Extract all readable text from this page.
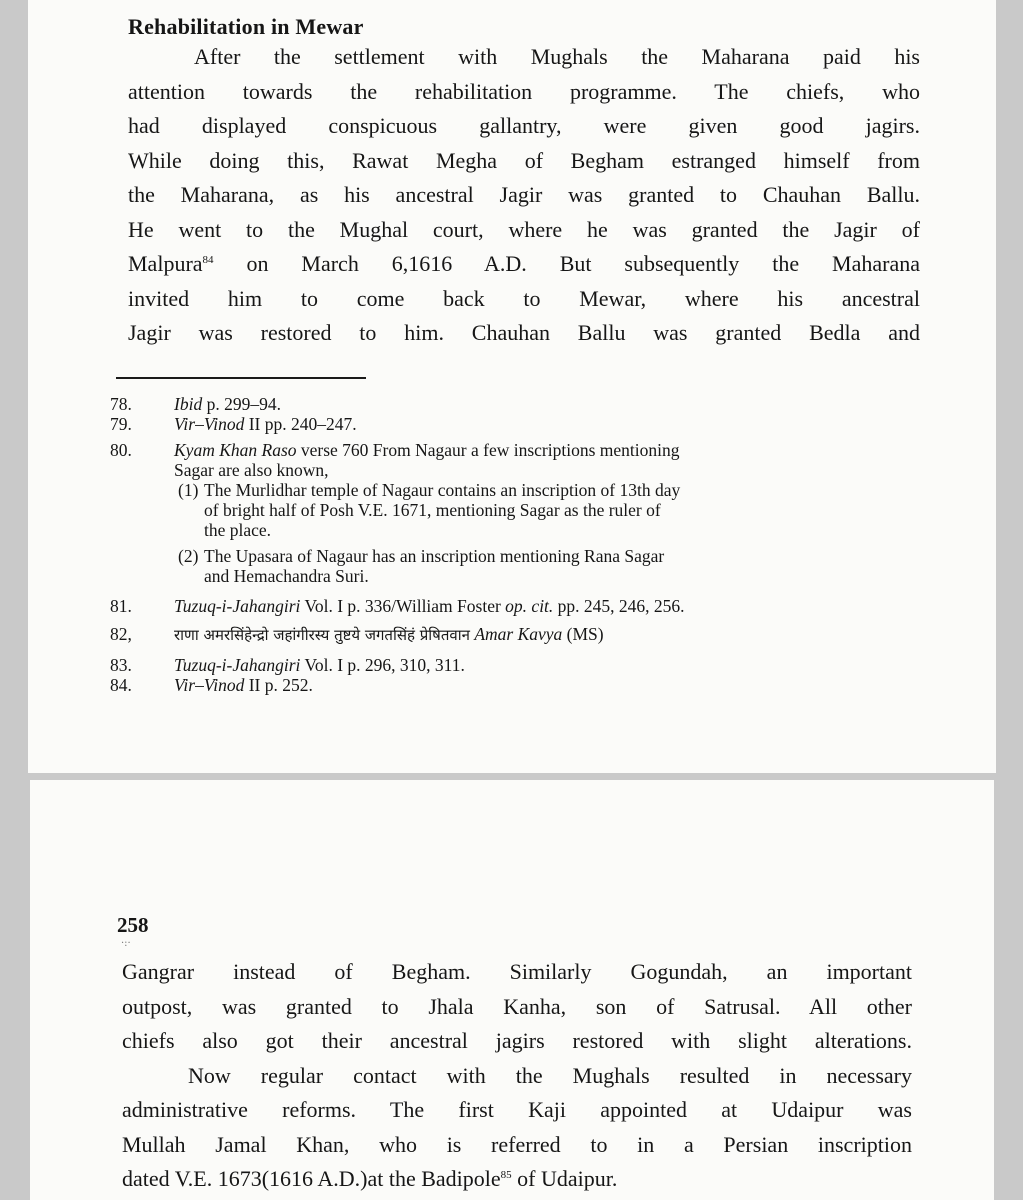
Rehabilitation in Mewar
After the settlement with Mughals the Maharana paid his
attention towards the rehabilitation programme. The chiefs, who
had displayed conspicuous gallantry, were given good jagirs.
While doing this, Rawat Megha of Begham estranged himself from
the Maharana, as his ancestral Jagir was granted to Chauhan Ballu.
He went to the Mughal court, where he was granted the Jagir of
Malpura$^{84}$ on March 6,1616 A.D. But subsequently the Maharana
invited him to come back to Mewar, where his ancestral
Jagir was restored to him. Chauhan Ballu was granted Bedla and
78. Ibid p. 299–94.
79. Vir–Vinod II pp. 240–247.
80. Kyam Khan Raso verse 760 From Nagaur a few inscriptions mentioning
Sagar are also known,
(1) The Murlidhar temple of Nagaur contains an inscription of 13th day
of bright half of Posh V.E. 1671, mentioning Sagar as the ruler of
the place.
(2) The Upasara of Nagaur has an inscription mentioning Rana Sagar
and Hemachandra Suri.
81. Tuzuq-i-Jahangiri Vol. I p. 336/William Foster op. cit. pp. 245, 246, 256.
82,	राणा अमरसिंहेन्द्रो जहांगीरस्य तुष्टये जगतसिंहं प्रेषितवान Amar Kavya (MS)
83. Tuzuq-i-Jahangiri Vol. I p. 296, 310, 311.
84. Vir–Vinod II p. 252.
258
·:·
Gangrar instead of Begham. Similarly Gogundah, an important
outpost, was granted to Jhala Kanha, son of Satrusal. All other
chiefs also got their ancestral jagirs restored with slight alterations.
Now regular contact with the Mughals resulted in necessary
administrative reforms. The first Kaji appointed at Udaipur was
Mullah Jamal Khan, who is referred to in a Persian inscription
dated V.E. 1673(1616 A.D.)at the Badipole$^{85}$ of Udaipur.
